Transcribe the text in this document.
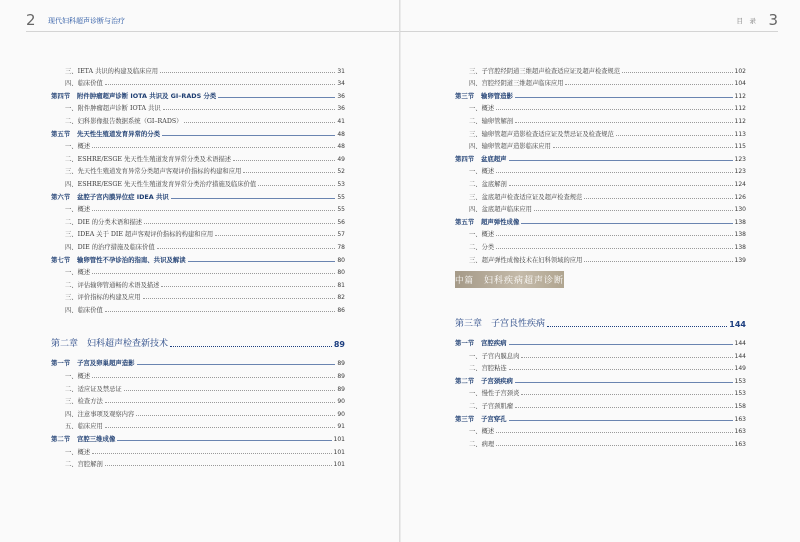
2 现代妇科超声诊断与治疗
三、IETA 共识的构建及临床应用	31
四、临床价值	34
第四节 附件肿瘤超声诊断 IOTA 共识及 GI–RADS 分类	36
一、附件肿瘤超声诊断 IOTA 共识	36
二、妇科影像报告数据系统（GI–RADS）	41
第五节 先天性生殖道发育异常的分类	48
一、概述	48
二、ESHRE/ESGE 先天性生殖道发育异常分类及术语描述	49
三、先天性生殖道发育异常分类超声客观评价指标的构建和应用	52
四、ESHRE/ESGE 先天性生殖道发育异常分类治疗措施及临床价值	53
第六节 盆腔子宫内膜异位症 IDEA 共识	55
一、概述	55
二、DIE 的分类术语和描述	56
三、IDEA 关于 DIE 超声客观评价指标的构建和应用	57
四、DIE 的治疗措施及临床价值	78
第七节 输卵管性不孕诊治的指南、共识及解读	80
一、概述	80
二、评估输卵管通畅的术语及描述	81
三、评价指标的构建及应用	82
四、临床价值	86
第二章　妇科超声检查新技术	89
第一节 子宫及卵巢超声造影	89
一、概述	89
二、适应证及禁忌证	89
三、检查方法	90
四、注意事项及观察内容	90
五、临床应用	91
第二节 宫腔三维成像	101
一、概述	101
二、宫腔解剖	101
3
目　录
三、子宫腔经阴道三维超声检查适应证及超声检查规范	102
四、宫腔经阴道三维超声临床应用	104
第三节 输卵管造影	112
一、概述	112
二、输卵管解剖	112
三、输卵管超声造影检查适应证及禁忌证及检查规范	113
四、输卵管超声造影临床应用	115
第四节 盆底超声	123
一、概述	123
二、盆底解剖	124
三、盆底超声检查适应证及超声检查规范	126
四、盆底超声临床应用	130
第五节 超声弹性成像	138
一、概述	138
二、分类	138
三、超声弹性成像技术在妇科领域的应用	139
中篇 妇科疾病超声诊断
第三章　子宫良性疾病	144
第一节 宫腔疾病	144
一、子宫内膜息肉	144
二、宫腔粘连	149
第二节 子宫颈疾病	153
一、慢性子宫颈炎	153
二、子宫颈肌瘤	158
第三节 子宫穿孔	163
一、概述	163
二、病理	163
